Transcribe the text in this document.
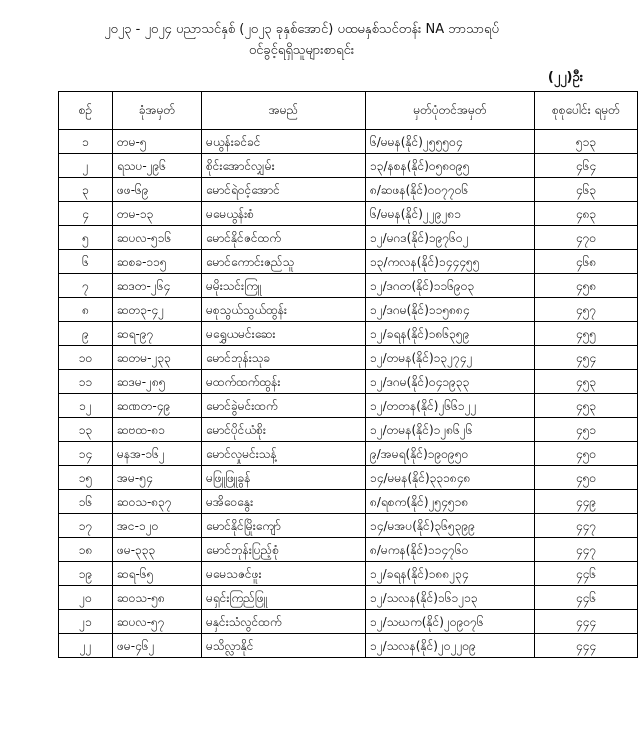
၂၀၂၃ - ၂၀၂၄ ပညာသင်နှစ် (၂၀၂၃ ခုနှစ်အောင်) ပထမနှစ်သင်တန်း NA ဘာသာရပ်
ဝင်ခွင့်ရရှိသူများစာရင်း
(၂၂)ဦး
စဉ်	ခုံအမှတ်	အမည်	မှတ်ပုံတင်အမှတ်	စုစုပေါင်း ရမှတ်
၁	တမ-၅	မယွန်းခင်ခင်	၆/မမန(နိုင်)၂၅၅၅၀၄	၅၁၃
၂	ရသပ-၂၉၆	စိုင်းအောင်လျှမ်း	၁၃/နစန(နိုင်)၀၅၈၀၉၅	၄၆၄
၃	ဖဖ-၆၉	မောင်ရဲဝင့်အောင်	၈/ဆဖန(နိုင်)၀၀၇၇၀၆	၄၆၃
၄	တမ-၁၃	မမေယွန်းစံ	၆/မမန(နိုင်)၂၂၉၂၈၁	၄၈၃
၅	ဆပလ-၅၁၆	မောင်နိုင်ဇင်ထက်	၁၂/မဂဒ(နိုင်)၁၉၇၆၀၂	၄၇၀
၆	ဆစခ-၁၁၅	မောင်ကောင်းဇည်သူ	၁၃/ကလန(နိုင်)၁၄၄၄၅၅	၄၆၈
၇	ဆဒတ-၂၆၄	မမိုးသင်းကြူ	၁၂/ဒဂတ(နိုင်)၁၁၆၉၀၃	၄၅၈
၈	ဆတ၃-၄၂	မစုသွယ်သွယ်ထွန်း	၁၂/ဒဂမ(နိုင်)၁၁၅၈၈၄	၄၅၇
၉	ဆရ-၉၇	မရွှေယမင်းဆေး	၁၂/ခရန(နိုင်)၁၈၆၃၅၉	၄၅၅
၁၀	ဆတမ-၂၃၃	မောင်ဘုန်းသုခ	၁၂/တမန(နိုင်)၁၃၂၇၄၂	၄၅၄
၁၁	ဆဒမ-၂၈၅	မထက်ထက်ထွန်း	၁၂/ဒဂမ(နိုင်)၀၄၁၉၃၃	၄၅၃
၁၂	ဆဏတ-၄၉	မောင်ခွဲမင်းထက်	၁၂/တတန(နိုင်)၂၆၆၁၂၂	၄၅၃
၁၃	ဆဗထ-၈၁	မောင်ပိုင်ယံစိုး	၁၂/တမန(နိုင်)၁၂၈၆၂၆	၄၅၁
၁၄	မနအ-၁၆၂	မောင်လှုမင်းသန့်	၉/အမရ(နိုင်)၁၉၀၉၅၀	၄၅၀
၁၅	အမ-၅၄	မဖြူဖြူခွန်	၁၄/မမန(နိုင်)၃၃၁၈၄၈	၄၅၀
၁၆	ဆဝသ-၈၃၇	မအိဝေနွေး	၈/ရစက(နိုင်)၂၅၄၅၁၈	၄၄၉
၁၇	အင-၁၂၀	မောင်နိုင်မြိုးကျော်	၁၄/မအပ(နိုင်)၃၆၅၃၉၉	၄၄၇
၁၈	ဖမ-၃၃၃	မောင်ဘုန်းပြည့်စုံ	၈/မကန(နိုင်)၁၁၄၇၆၀	၄၄၇
၁၉	ဆရ-၆၅	မမေသဇင်ဖူး	၁၂/ခရန(နိုင်)၁၈၈၂၃၄	၄၄၆
၂၀	ဆဝသ-၅၈	မရှင်းကြည်ဖြူ	၁၂/သလန(နိုင်)၁၆၁၂၁၃	၄၄၆
၂၁	ဆပလ-၅၇	မနှင်းသံလွင်ထက်	၁၂/သဃက(နိုင်)၂၀၉၀၇၆	၄၄၄
၂၂	ဖမ-၄၆၂	မသိလ္လာနိုင်	၁၂/သလန(နိုင်)၂၀၂၂၀၉	၄၄၄
